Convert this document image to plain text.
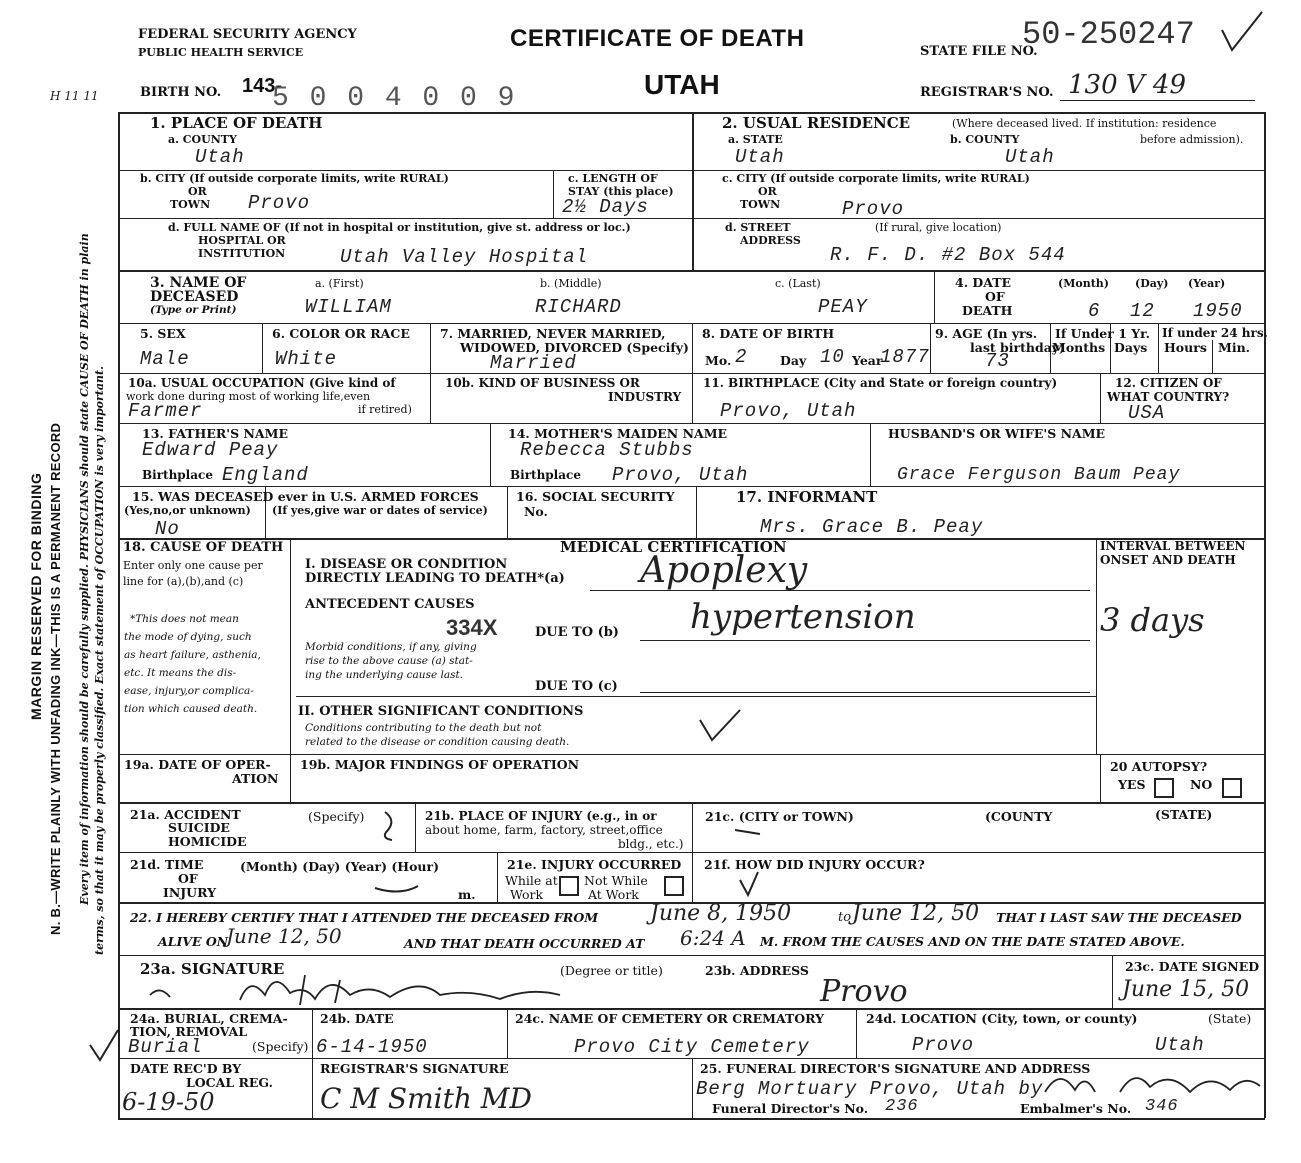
MARGIN RESERVED FOR BINDING N. B.—WRITE PLAINLY WITH UNFADING INK—THIS IS A PERMANENT RECORD Every item of information should be carefully supplied. PHYSICIANS should state CAUSE OF DEATH in plain terms, so that it may be properly classified. Exact statement of OCCUPATION is very important.
H 11 11
FEDERAL SECURITY AGENCY
PUBLIC HEALTH SERVICE
CERTIFICATE OF DEATH	STATE FILE NO.
50-250247
BIRTH NO. 143-
5 0 0 4 0 0 9	UTAH	REGISTRAR'S NO. 130 V 49
1. PLACE OF DEATH
a. COUNTY
Utah
2. USUAL RESIDENCE	(Where deceased lived. If institution: residence
before admission).
a. STATE
Utah
b. COUNTY
Utah
b. CITY (If outside corporate limits, write RURAL)
OR
TOWN Provo
c. LENGTH OF
STAY (this place)
2½ Days
c. CITY (If outside corporate limits, write RURAL)
OR
TOWN	Provo
d. FULL NAME OF (If not in hospital or institution, give st. address or loc.)
HOSPITAL OR
INSTITUTION	Utah Valley Hospital
d. STREET
ADDRESS
(If rural, give location)
R. F. D. #2 Box 544
3. NAME OF
DECEASED
(Type or Print)
a. (First)	b. (Middle)	c. (Last)
WILLIAM	RICHARD	PEAY
4. DATE
OF
DEATH
(Month) (Day) (Year)
6 12 1950
5. SEX
Male
6. COLOR OR RACE
White
7. MARRIED, NEVER MARRIED,
WIDOWED, DIVORCED (Specify)
Married
8. DATE OF BIRTH
Mo. 2	Day 10 Year
1877
9. AGE (In yrs.
last birthday)
73
If Under 1 Yr.
Months Days
If under 24 hrs.
Hours Min.
10a. USUAL OCCUPATION (Give kind of
work done during most of working life,even
if retired)
Farmer
10b. KIND OF BUSINESS OR
INDUSTRY
11. BIRTHPLACE (City and State or foreign country)
Provo, Utah
12. CITIZEN OF
WHAT COUNTRY?
USA
13. FATHER'S NAME
Edward Peay
Birthplace England
14. MOTHER'S MAIDEN NAME
Rebecca Stubbs
Birthplace Provo, Utah
HUSBAND'S OR WIFE'S NAME
Grace Ferguson Baum Peay
15. WAS DECEASED ever in U.S. ARMED FORCES
(Yes,no,or unknown) (If yes,give war or dates of service)
No
16. SOCIAL SECURITY
No.
17. INFORMANT
Mrs. Grace B. Peay
18. CAUSE OF DEATH
Enter only one cause per
line for (a),(b),and (c)
*This does not mean
the mode of dying, such
as heart failure, asthenia,
etc. It means the dis-
ease, injury,or complica-
tion which caused death.
MEDICAL CERTIFICATION	INTERVAL BETWEEN
ONSET AND DEATH
I. DISEASE OR CONDITION
DIRECTLY LEADING TO DEATH*(a) Apoplexy
ANTECEDENT CAUSES
334X	DUE TO (b) hypertension	3 days
Morbid conditions, if any, giving
rise to the above cause (a) stat-
ing the underlying cause last.
DUE TO (c)
II. OTHER SIGNIFICANT CONDITIONS
Conditions contributing to the death but not
related to the disease or condition causing death.
19a. DATE OF OPER-
ATION
19b. MAJOR FINDINGS OF OPERATION	20 AUTOPSY?
YES	NO
21a. ACCIDENT
SUICIDE
HOMICIDE
(Specify)	21b. PLACE OF INJURY (e.g., in or
about home, farm, factory, street,office
bldg., etc.)
21c. (CITY or TOWN)	(COUNTY	(STATE)
21d. TIME
OF
INJURY
(Month) (Day) (Year) (Hour)
m.
21e. INJURY OCCURRED
While at
Work
Not While
At Work
21f. HOW DID INJURY OCCUR?
22. I HEREBY CERTIFY THAT I ATTENDED THE DECEASED FROM June 8, 1950	to June 12, 50 THAT I LAST SAW THE DECEASED
ALIVE ON
June 12, 50	AND THAT DEATH OCCURRED AT 6:24 A M. FROM THE CAUSES AND ON THE DATE STATED ABOVE.
23a. SIGNATURE	(Degree or title)	23b. ADDRESS
Provo
23c. DATE SIGNED
June 15, 50
24a. BURIAL, CREMA-
TION, REMOVAL
Burial	(Specify)
24b. DATE
6-14-1950
24c. NAME OF CEMETERY OR CREMATORY
Provo City Cemetery
24d. LOCATION (City, town, or county)	(State)
Provo	Utah
DATE REC'D BY
LOCAL REG.
6-19-50
REGISTRAR'S SIGNATURE
C M Smith MD
25. FUNERAL DIRECTOR'S SIGNATURE AND ADDRESS
Berg Mortuary Provo, Utah by
Funeral Director's No. 236	Embalmer's No. 346
